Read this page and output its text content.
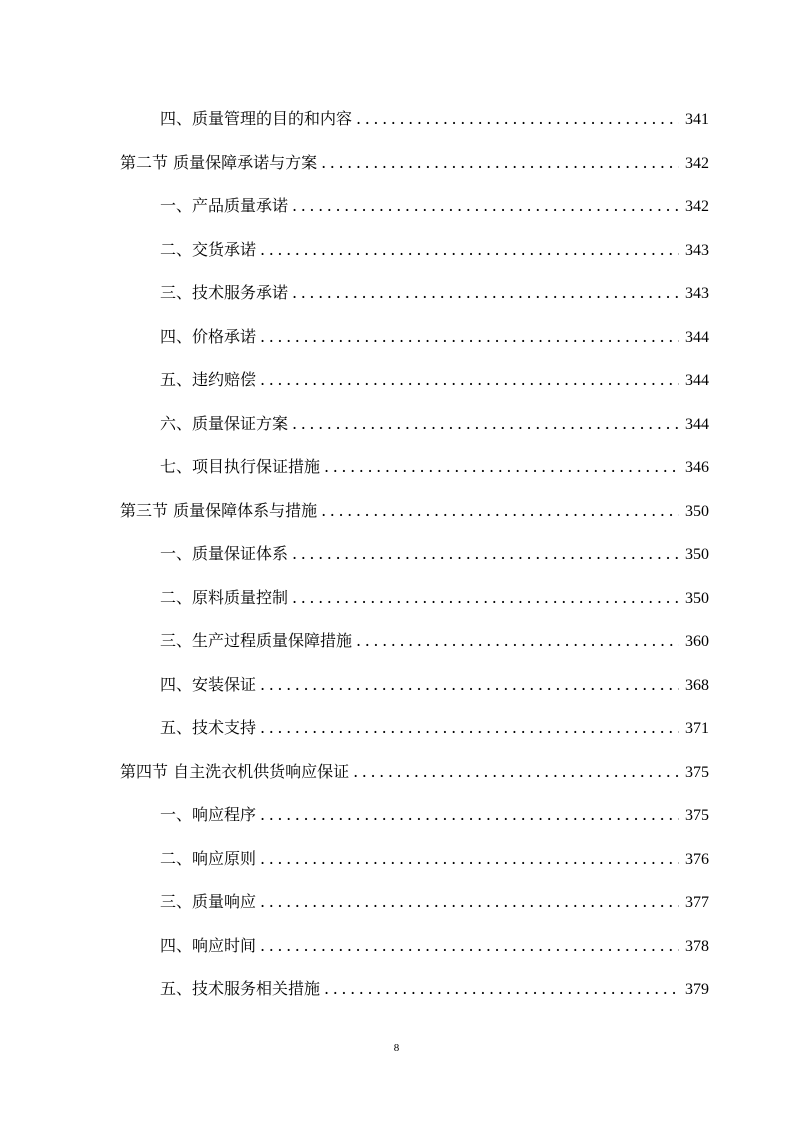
四、质量管理的目的和内容 .....	341
第二节 质量保障承诺与方案 .....	342
一、产品质量承诺 .....	342
二、交货承诺 .....	343
三、技术服务承诺 .....	343
四、价格承诺 .....	344
五、违约赔偿 .....	344
六、质量保证方案 .....	344
七、项目执行保证措施 .....	346
第三节 质量保障体系与措施 .....	350
一、质量保证体系 .....	350
二、原料质量控制 .....	350
三、生产过程质量保障措施 .....	360
四、安装保证 .....	368
五、技术支持 .....	371
第四节 自主洗衣机供货响应保证 .....	375
一、响应程序 .....	375
二、响应原则 .....	376
三、质量响应 .....	377
四、响应时间 .....	378
五、技术服务相关措施 .....	379
8
